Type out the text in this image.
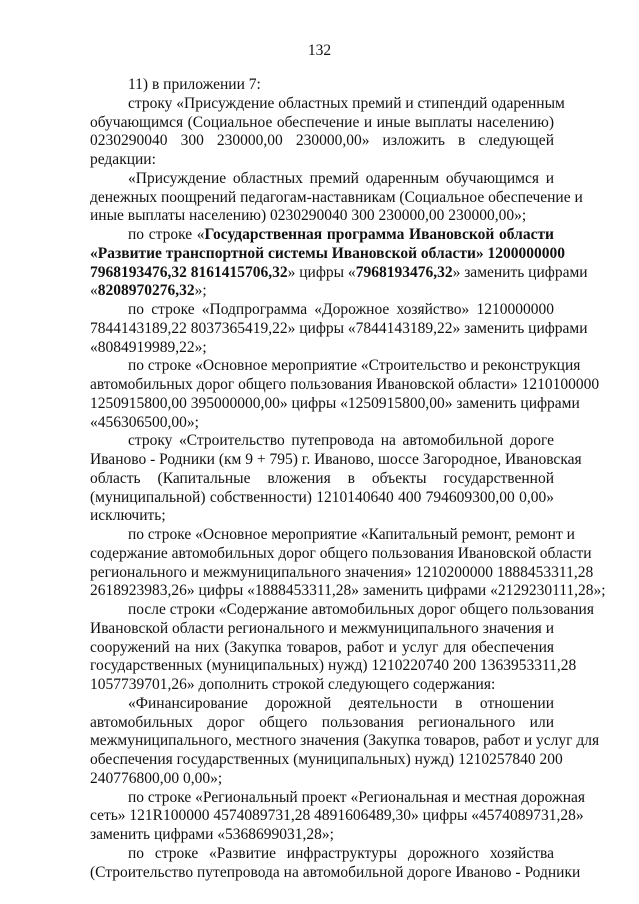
132
11) в приложении 7:
строку «Присуждение областных премий и стипендий одаренным
обучающимся (Социальное обеспечение и иные выплаты населению)
0230290040 300 230000,00 230000,00» изложить в следующей
редакции:
«Присуждение областных премий одаренным обучающимся и
денежных поощрений педагогам-наставникам (Социальное обеспечение и
иные выплаты населению) 0230290040 300 230000,00 230000,00»;
по строке «Государственная программа Ивановской области
«Развитие транспортной системы Ивановской области» 1200000000
7968193476,32 8161415706,32» цифры «7968193476,32» заменить цифрами
«8208970276,32»;
по строке «Подпрограмма «Дорожное хозяйство» 1210000000
7844143189,22 8037365419,22» цифры «7844143189,22» заменить цифрами
«8084919989,22»;
по строке «Основное мероприятие «Строительство и реконструкция
автомобильных дорог общего пользования Ивановской области» 1210100000
1250915800,00 395000000,00» цифры «1250915800,00» заменить цифрами
«456306500,00»;
строку «Строительство путепровода на автомобильной дороге
Иваново - Родники (км 9 + 795) г. Иваново, шоссе Загородное, Ивановская
область (Капитальные вложения в объекты государственной
(муниципальной) собственности) 1210140640 400 794609300,00 0,00»
исключить;
по строке «Основное мероприятие «Капитальный ремонт, ремонт и
содержание автомобильных дорог общего пользования Ивановской области
регионального и межмуниципального значения» 1210200000 1888453311,28
2618923983,26» цифры «1888453311,28» заменить цифрами «2129230111,28»;
после строки «Содержание автомобильных дорог общего пользования
Ивановской области регионального и межмуниципального значения и
сооружений на них (Закупка товаров, работ и услуг для обеспечения
государственных (муниципальных) нужд) 1210220740 200 1363953311,28
1057739701,26» дополнить строкой следующего содержания:
«Финансирование дорожной деятельности в отношении
автомобильных дорог общего пользования регионального или
межмуниципального, местного значения (Закупка товаров, работ и услуг для
обеспечения государственных (муниципальных) нужд) 1210257840 200
240776800,00 0,00»;
по строке «Региональный проект «Региональная и местная дорожная
сеть» 121R100000 4574089731,28 4891606489,30» цифры «4574089731,28»
заменить цифрами «5368699031,28»;
по строке «Развитие инфраструктуры дорожного хозяйства
(Строительство путепровода на автомобильной дороге Иваново - Родники
